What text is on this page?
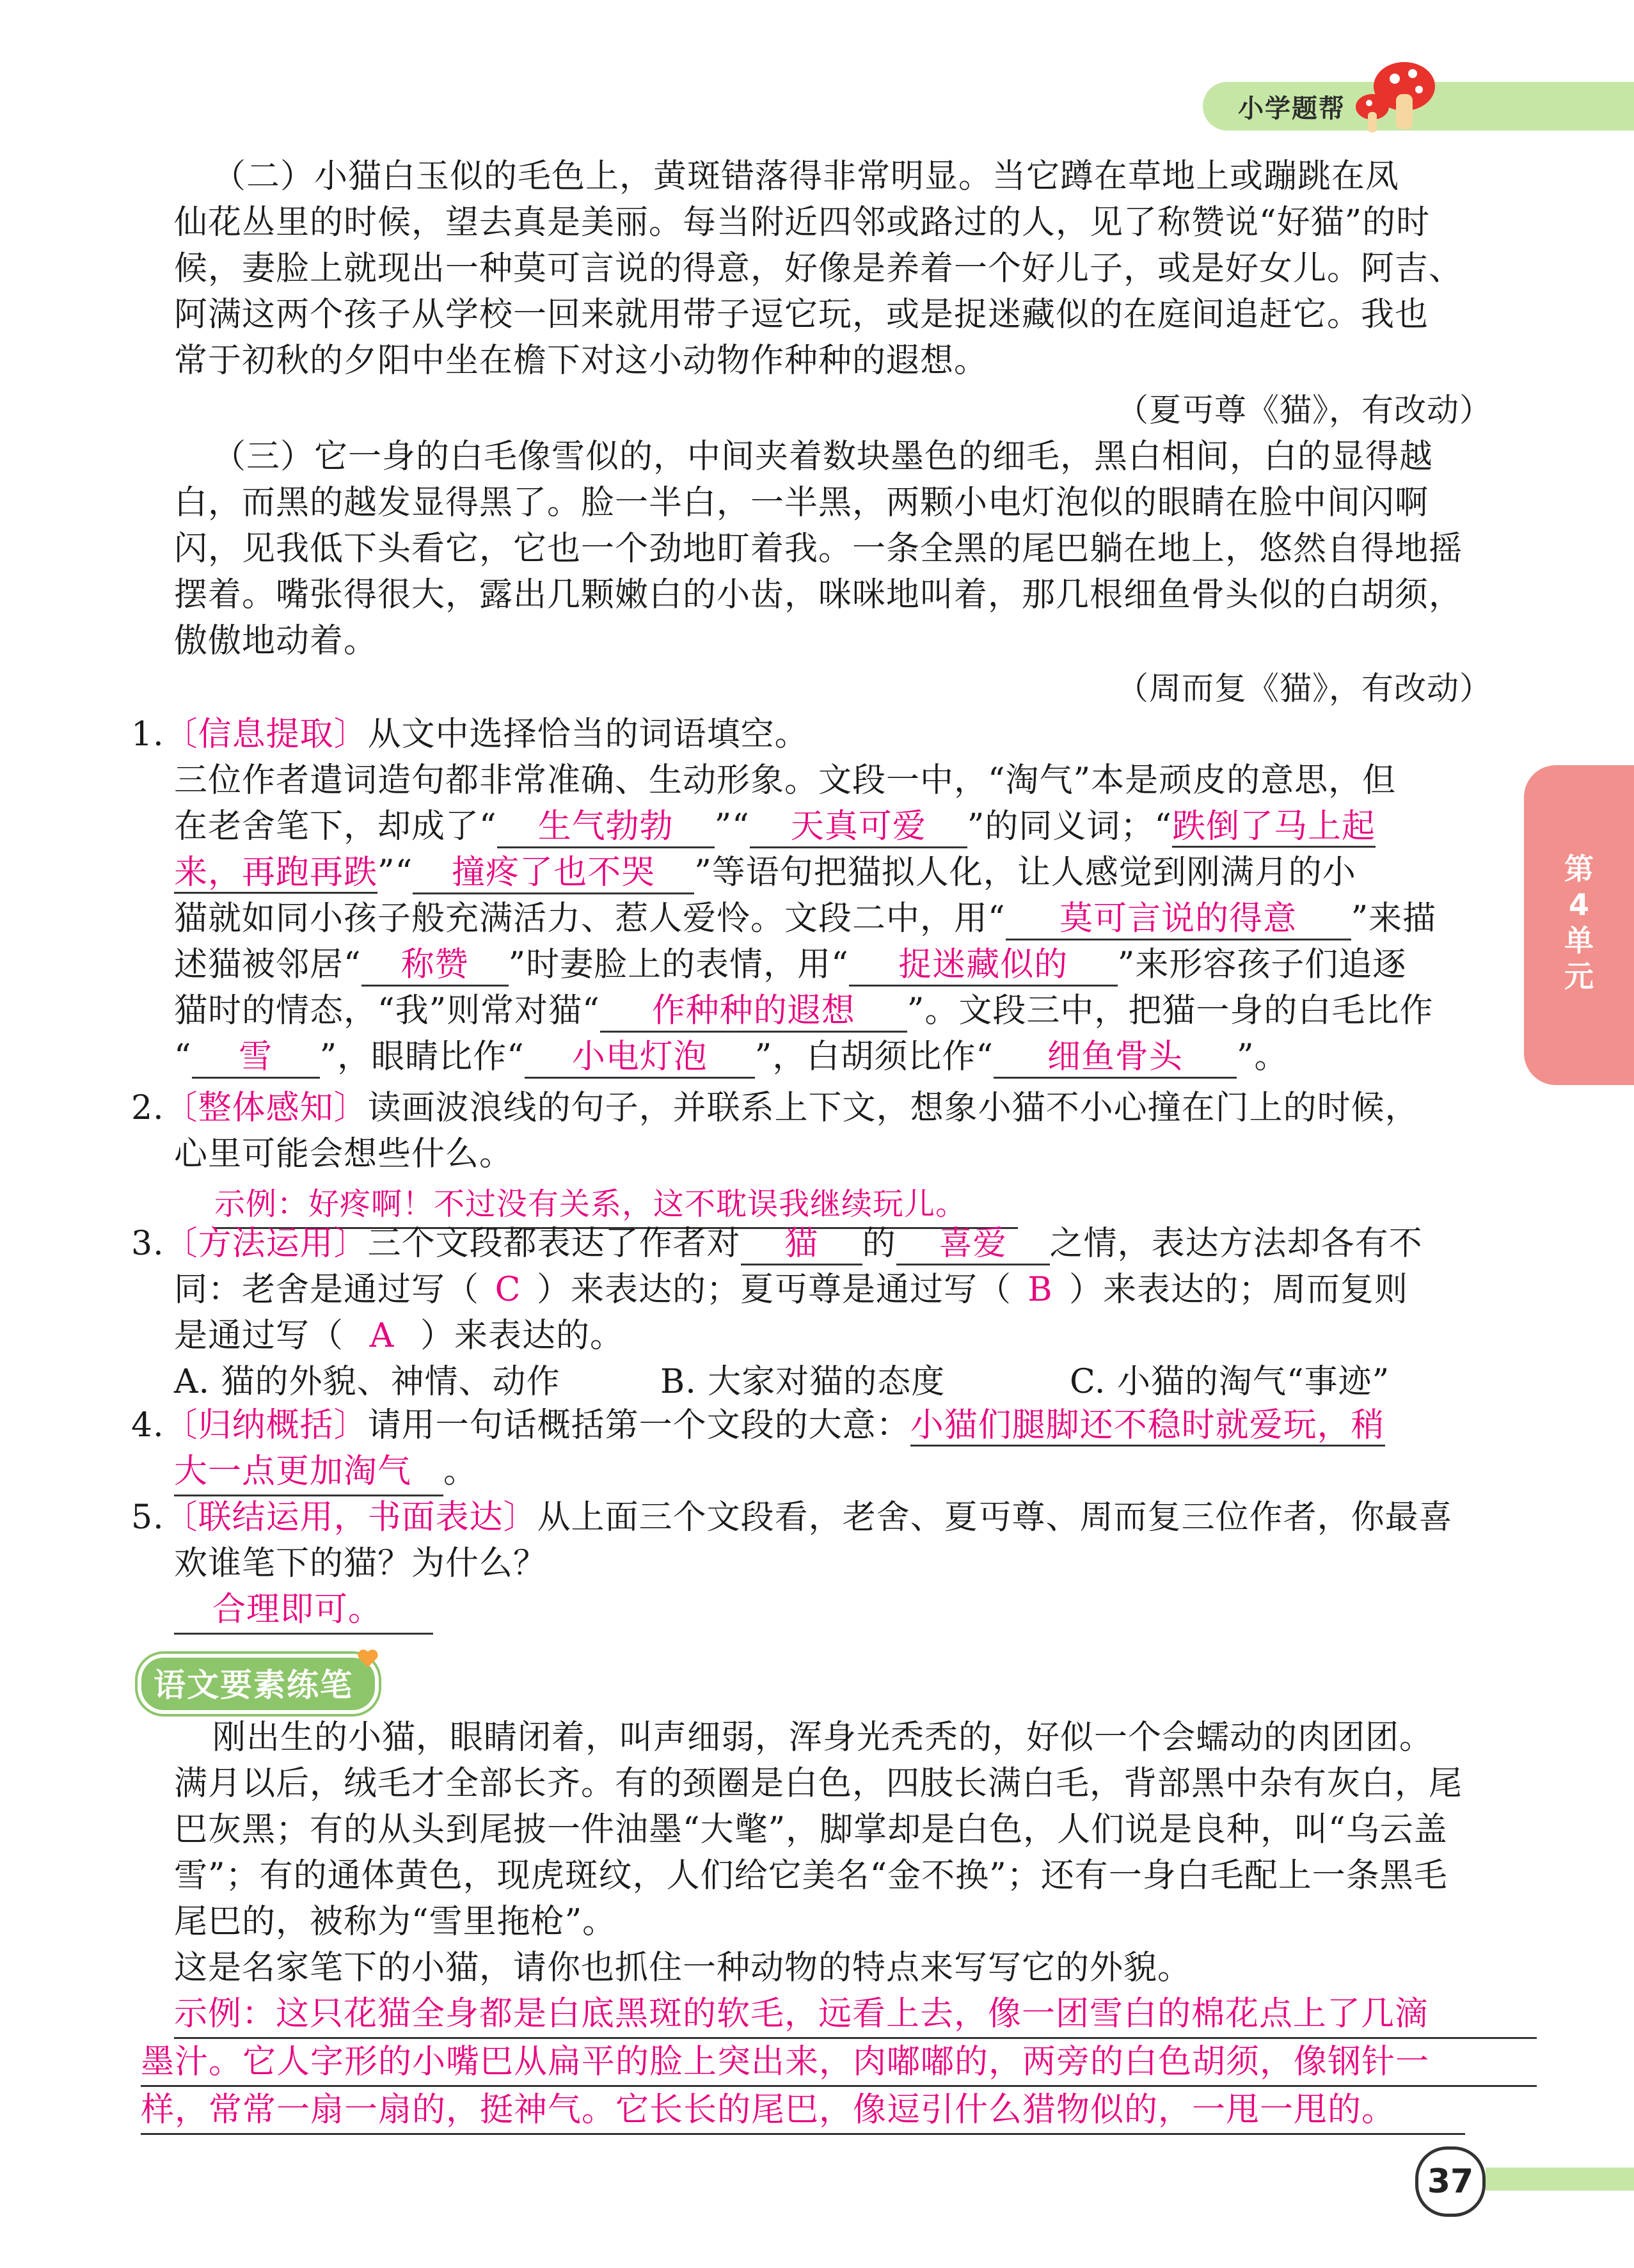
小学题帮
第4单元

（二）小猫白玉似的毛色上，黄斑错落得非常明显。当它蹲在草地上或蹦跳在凤

仙花丛里的时候，望去真是美丽。每当附近四邻或路过的人，见了称赞说“好猫”的时

候，妻脸上就现出一种莫可言说的得意，好像是养着一个好儿子，或是好女儿。阿吉、

阿满这两个孩子从学校一回来就用带子逗它玩，或是捉迷藏似的在庭间追赶它。我也

常于初秋的夕阳中坐在檐下对这小动物作种种的遐想。

（夏丏尊《猫》，有改动）

（三）它一身的白毛像雪似的，中间夹着数块墨色的细毛，黑白相间，白的显得越

白，而黑的越发显得黑了。脸一半白，一半黑，两颗小电灯泡似的眼睛在脸中间闪啊

闪，见我低下头看它，它也一个劲地盯着我。一条全黑的尾巴躺在地上，悠然自得地摇

摆着。嘴张得很大，露出几颗嫩白的小齿，咪咪地叫着，那几根细鱼骨头似的白胡须，

傲傲地动着。

（周而复《猫》，有改动）

1.〔信息提取〕从文中选择恰当的词语填空。

三位作者遣词造句都非常准确、生动形象。文段一中，“淘气”本是顽皮的意思，但

在老舍笔下，却成了“ 生气勃勃 ”“ 天真可爱 ”的同义词；“跌倒了马上起

来，再跑再跌”“ 撞疼了也不哭 ”等语句把猫拟人化，让人感觉到刚满月的小

猫就如同小孩子般充满活力、惹人爱怜。文段二中，用“ 莫可言说的得意 ”来描

述猫被邻居“ 称赞 ”时妻脸上的表情，用“ 捉迷藏似的 ”来形容孩子们追逐

猫时的情态，“我”则常对猫“ 作种种的遐想 ”。文段三中，把猫一身的白毛比作

“ 雪 ”，眼睛比作“ 小电灯泡 ”，白胡须比作“ 细鱼骨头 ”。

2.〔整体感知〕读画波浪线的句子，并联系上下文，想象小猫不小心撞在门上的时候，

心里可能会想些什么。

示例：好疼啊！不过没有关系，这不耽误我继续玩儿。

3.〔方法运用〕三个文段都表达了作者对 猫 的 喜爱 之情，表达方法却各有不

同：老舍是通过写（ C ）来表达的；夏丏尊是通过写（ B ）来表达的；周而复则

是通过写（ A ）来表达的。

A. 猫的外貌、神情、动作	B. 大家对猫的态度	C. 小猫的淘气“事迹”

4.〔归纳概括〕请用一句话概括第一个文段的大意：小猫们腿脚还不稳时就爱玩，稍

大一点更加淘气 。

5.〔联结运用，书面表达〕从上面三个文段看，老舍、夏丏尊、周而复三位作者，你最喜

欢谁笔下的猫？为什么？

合理即可。

语文要素练笔

刚出生的小猫，眼睛闭着，叫声细弱，浑身光秃秃的，好似一个会蠕动的肉团团。

满月以后，绒毛才全部长齐。有的颈圈是白色，四肢长满白毛，背部黑中杂有灰白，尾

巴灰黑；有的从头到尾披一件油墨“大氅”，脚掌却是白色，人们说是良种，叫“乌云盖

雪”；有的通体黄色，现虎斑纹，人们给它美名“金不换”；还有一身白毛配上一条黑毛

尾巴的，被称为“雪里拖枪”。

这是名家笔下的小猫，请你也抓住一种动物的特点来写写它的外貌。

示例：这只花猫全身都是白底黑斑的软毛，远看上去，像一团雪白的棉花点上了几滴

墨汁。它人字形的小嘴巴从扁平的脸上突出来，肉嘟嘟的，两旁的白色胡须，像钢针一

样，常常一扇一扇的，挺神气。它长长的尾巴，像逗引什么猎物似的，一甩一甩的。

37
